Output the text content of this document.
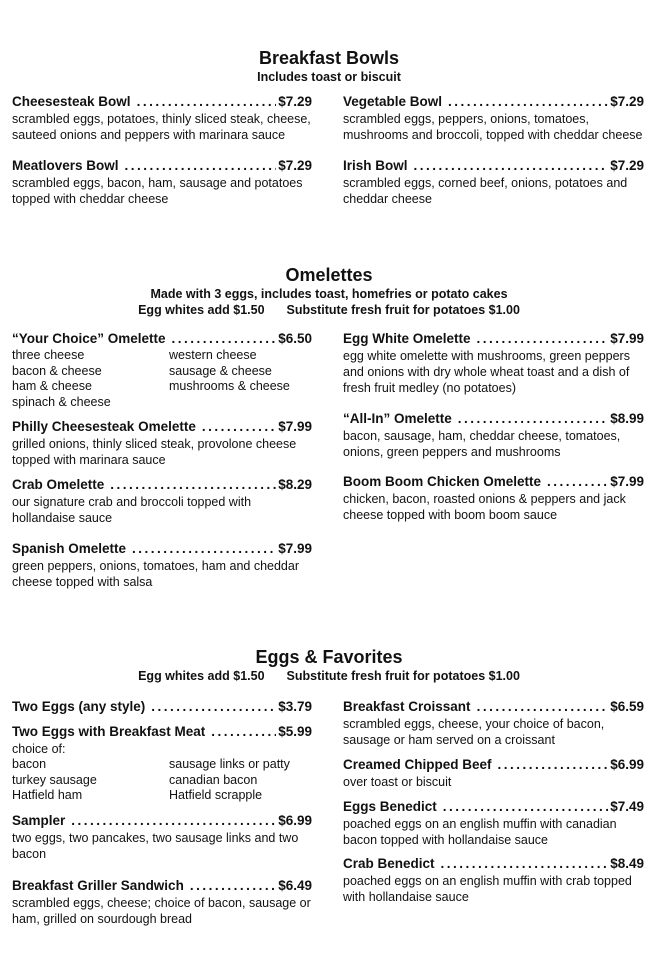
Breakfast Bowls
Includes toast or biscuit
Cheesesteak Bowl .....	$7.29
scrambled eggs, potatoes, thinly sliced steak, cheese, sauteed onions and peppers with marinara sauce
Meatlovers Bowl .....	$7.29
scrambled eggs, bacon, ham, sausage and potatoes topped with cheddar cheese
Vegetable Bowl .....	$7.29
scrambled eggs, peppers, onions, tomatoes, mushrooms and broccoli, topped with cheddar cheese
Irish Bowl .....	$7.29
scrambled eggs, corned beef, onions, potatoes and cheddar cheese
Omelettes
Made with 3 eggs, includes toast, homefries or potato cakes
Egg whites add $1.50 Substitute fresh fruit for potatoes $1.00
“Your Choice” Omelette .....	$6.50
three cheese	western cheese
bacon & cheese	sausage & cheese
ham & cheese	mushrooms & cheese
spinach & cheese
Philly Cheesesteak Omelette .....	$7.99
grilled onions, thinly sliced steak, provolone cheese topped with marinara sauce
Crab Omelette .....	$8.29
our signature crab and broccoli topped with hollandaise sauce
Spanish Omelette .....	$7.99
green peppers, onions, tomatoes, ham and cheddar cheese topped with salsa
Egg White Omelette .....	$7.99
egg white omelette with mushrooms, green peppers and onions with dry whole wheat toast and a dish of fresh fruit medley (no potatoes)
“All-In” Omelette .....	$8.99
bacon, sausage, ham, cheddar cheese, tomatoes, onions, green peppers and mushrooms
Boom Boom Chicken Omelette .....	$7.99
chicken, bacon, roasted onions & peppers and jack cheese topped with boom boom sauce
Eggs & Favorites
Egg whites add $1.50 Substitute fresh fruit for potatoes $1.00
Two Eggs (any style) .....	$3.79
Two Eggs with Breakfast Meat .....	$5.99
choice of:
bacon	sausage links or patty
turkey sausage	canadian bacon
Hatfield ham	Hatfield scrapple
Sampler .....	$6.99
two eggs, two pancakes, two sausage links and two bacon
Breakfast Griller Sandwich .....	$6.49
scrambled eggs, cheese; choice of bacon, sausage or ham, grilled on sourdough bread
Breakfast Croissant .....	$6.59
scrambled eggs, cheese, your choice of bacon, sausage or ham served on a croissant
Creamed Chipped Beef .....	$6.99
over toast or biscuit
Eggs Benedict .....	$7.49
poached eggs on an english muffin with canadian bacon topped with hollandaise sauce
Crab Benedict .....	$8.49
poached eggs on an english muffin with crab topped with hollandaise sauce
